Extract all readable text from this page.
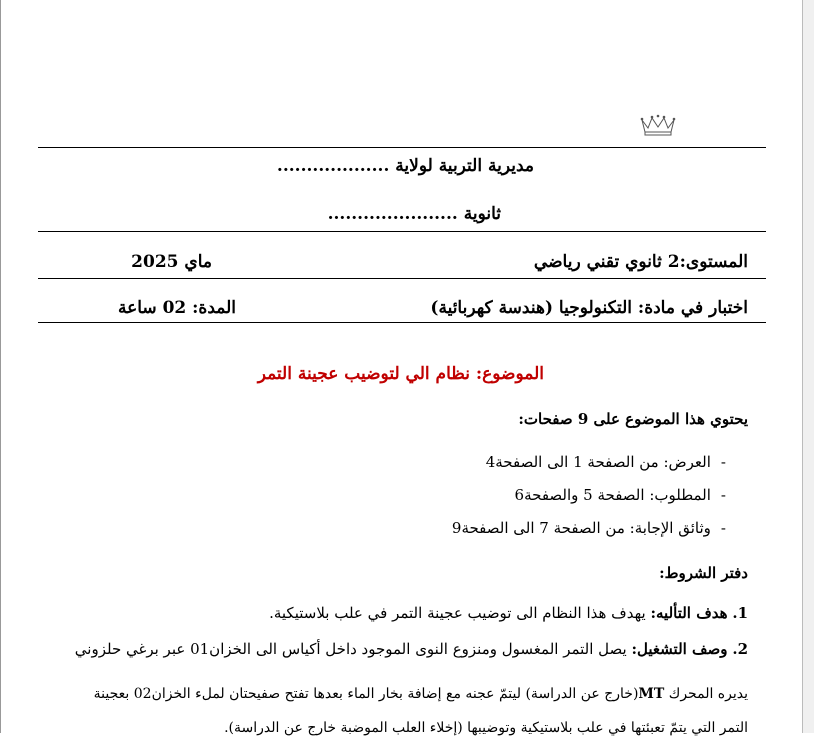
مديرية التربية لولاية ...................
ثانوية ......................
المستوى:2 ثانوي تقني رياضي
ماي 2025
اختبار في مادة: التكنولوجيا (هندسة كهربائية)
المدة: 02 ساعة
الموضوع: نظام الي لتوضيب عجينة التمر
يحتوي هذا الموضوع على 9 صفحات:
-العرض: من الصفحة 1 الى الصفحة4
-المطلوب: الصفحة 5 والصفحة6
-وثائق الإجابة: من الصفحة 7 الى الصفحة9
دفتر الشروط:
1. هدف التأليه: يهدف هذا النظام الى توضيب عجينة التمر في علب بلاستيكية.
2. وصف التشغيل: يصل التمر المغسول ومنزوع النوى الموجود داخل أكياس الى الخزان01 عبر برغي حلزوني
يديره المحرك MT(خارج عن الدراسة) ليتمّ عجنه مع إضافة بخار الماء بعدها تفتح صفيحتان لملء الخزان02 بعجينة
التمر التي يتمّ تعبئتها في علب بلاستيكية وتوضيبها (إخلاء العلب الموضبة خارج عن الدراسة).
